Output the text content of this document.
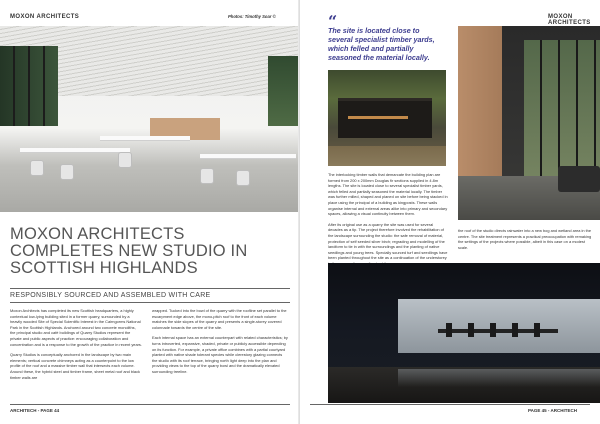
MOXON ARCHITECTS	Photos: Timothy Soar ©
MOXON ARCHITECTS COMPLETES NEW STUDIO IN SCOTTISH HIGHLANDS
RESPONSIBLY SOURCED AND ASSEMBLED WITH CARE

Moxon Architects has completed its new Scottish headquarters, a highly contextual low-lying building sited in a former quarry, surrounded by a heavily wooded Site of Special Scientific Interest in the Cairngorms National Park in the Scottish Highlands. Anchored around two concrete monoliths, the principal studio and café buildings of Quarry Studios represent the private and public aspects of practice: encouraging collaboration and concentration and is a response to the growth of the practice in recent years.

Quarry Studios is conceptually anchored in the landscape by two main elements; vertical concrete chimneys acting as a counterpoint to the low profile of the roof and a massive timber wall that intersects each volume. Around these, the hybrid steel and timber frame, sheet metal roof and black timber walls are

wrapped. Tucked into the bowl of the quarry with the roofline set parallel to the escarpment edge above, the mono-pitch roof to the front of each volume matches the side slopes of the quarry and presents a single-storey covered colonnade towards the centre of the site.

Each internal space has an external counterpart with related characteristics; by turns introverted, expansive, shaded, private or publicly accessible depending on its function. For example, a private office combines with a partial courtyard planted with native shade tolerant species while clerestory glazing connects the studio with its roof terrace, bringing north light deep into the plan and providing views to the top of the quarry bowl and the dramatically elevated surrounding treeline.

ARCHITECH - PAGE 44
“
The site is located close to several specialist timber yards, which felled and partially seasoned the material locally.
MOXON ARCHITECTS

The interlocking timber walls that demarcate the building plan are formed from 200 x 200mm Douglas fir sections supplied in 4.8m lengths. The site is located close to several specialist timber yards, which felled and partially seasoned the material locally. The timber was further milled, shaped and planed on site before being stacked in place using the principal of a building as kingposts. These walls organise internal and external areas alike into primary and secondary spaces, allowing a visual continuity between them.

After its original use as a quarry the site was used for several decades as a tip. The project therefore involved the rehabilitation of the landscape surrounding the studio: the safe removal of material, protection of self seeded silver birch; regrading and modelling of the landform to tie in with the surroundings and the planting of native seedlings and young trees. Specially sourced turf and seedlings have been planted throughout the site as a continuation of the understorey

the roof of the studio directs rainwater into a new bog and wetland area in the centre. The site treatment represents a practical preoccupation with remaking the settings of the projects where possible, albeit in this case on a modest scale.

PAGE 45 - ARCHITECH
